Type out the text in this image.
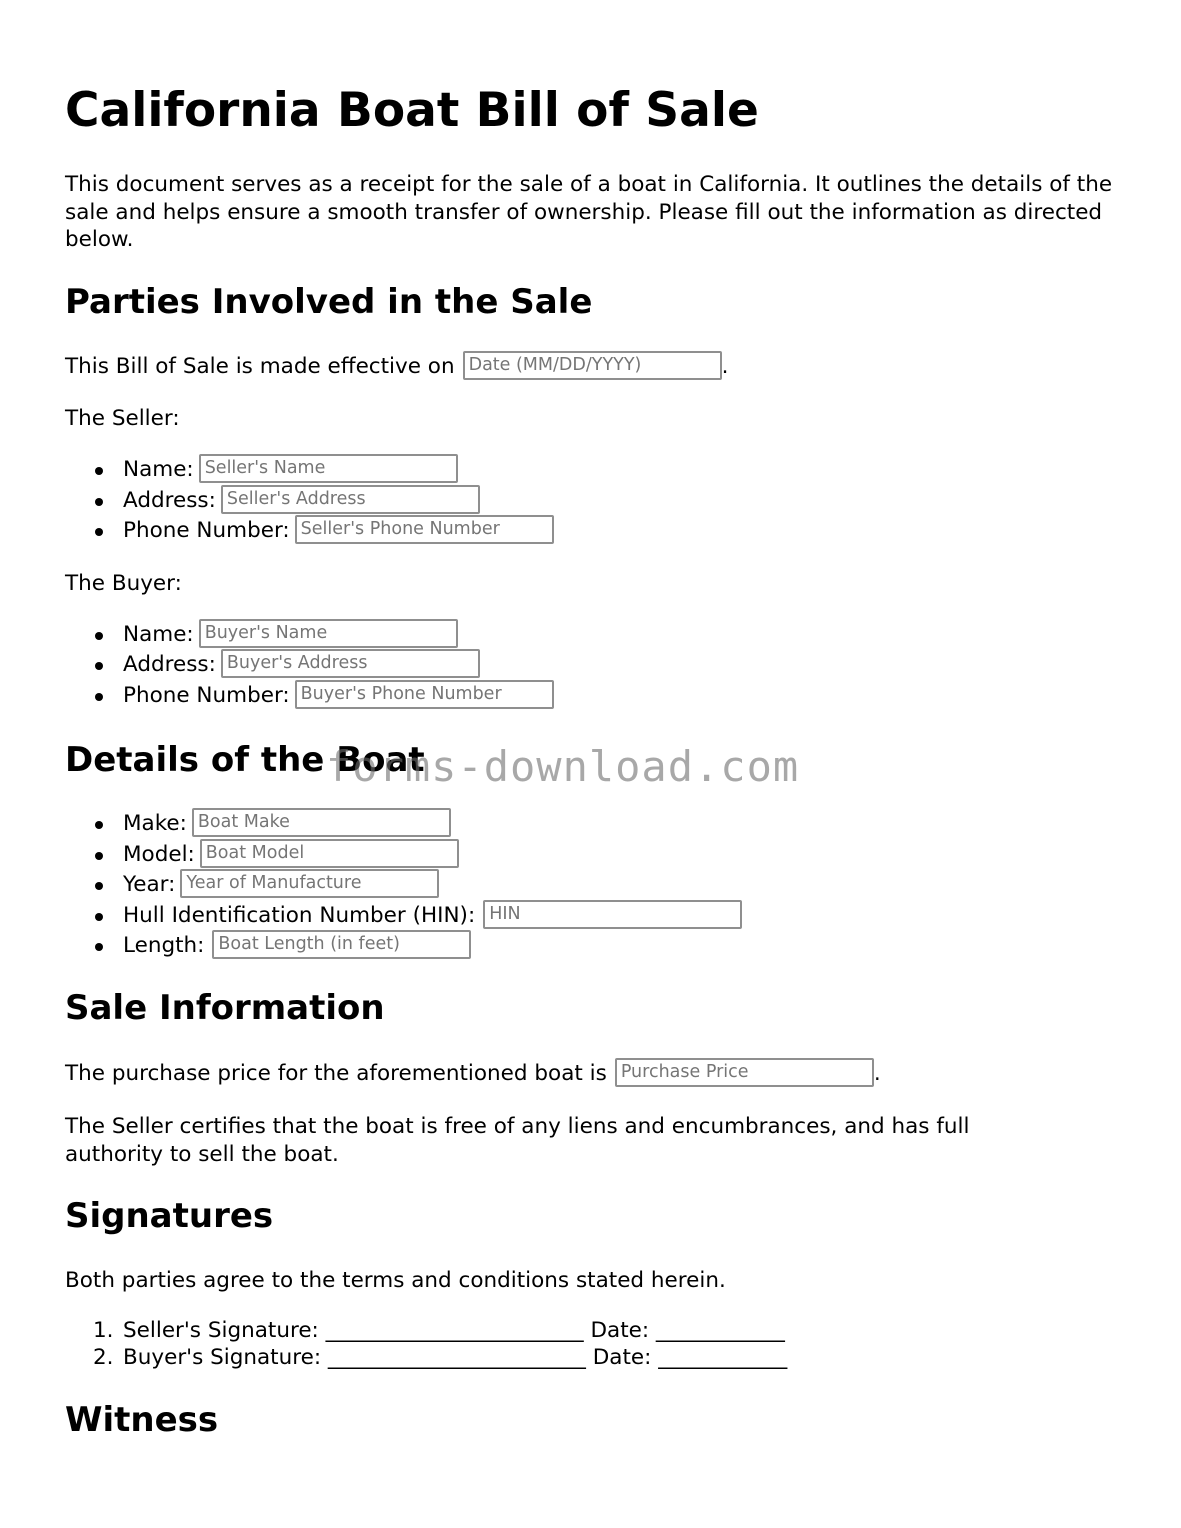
California Boat Bill of Sale

This document serves as a receipt for the sale of a boat in California. It outlines the details of the sale and helps ensure a smooth transfer of ownership. Please fill out the information as directed below.

Parties Involved in the Sale
This Bill of Sale is made effective onDate (MM/DD/YYYY)	.
The Seller:
Name:Seller's Name
Address:Seller's Address
Phone Number:Seller's Phone Number
The Buyer:
Name:Buyer's Name
Address:Buyer's Address
Phone Number:Buyer's Phone Number
Details of the Boat
Make:Boat Make
Model:Boat Model
Year:Year of Manufacture
Hull Identification Number (HIN):HIN
Length:Boat Length (in feet)
Sale Information
The purchase price for the aforementioned boat isPurchase Price	.

The Seller certifies that the boat is free of any liens and encumbrances, and has full authority to sell the boat.

Signatures
Both parties agree to the terms and conditions stated herein.
1. Seller's Signature: ________________________ Date: ____________
2. Buyer's Signature: ________________________ Date: ____________
Witness
forms-download.com
